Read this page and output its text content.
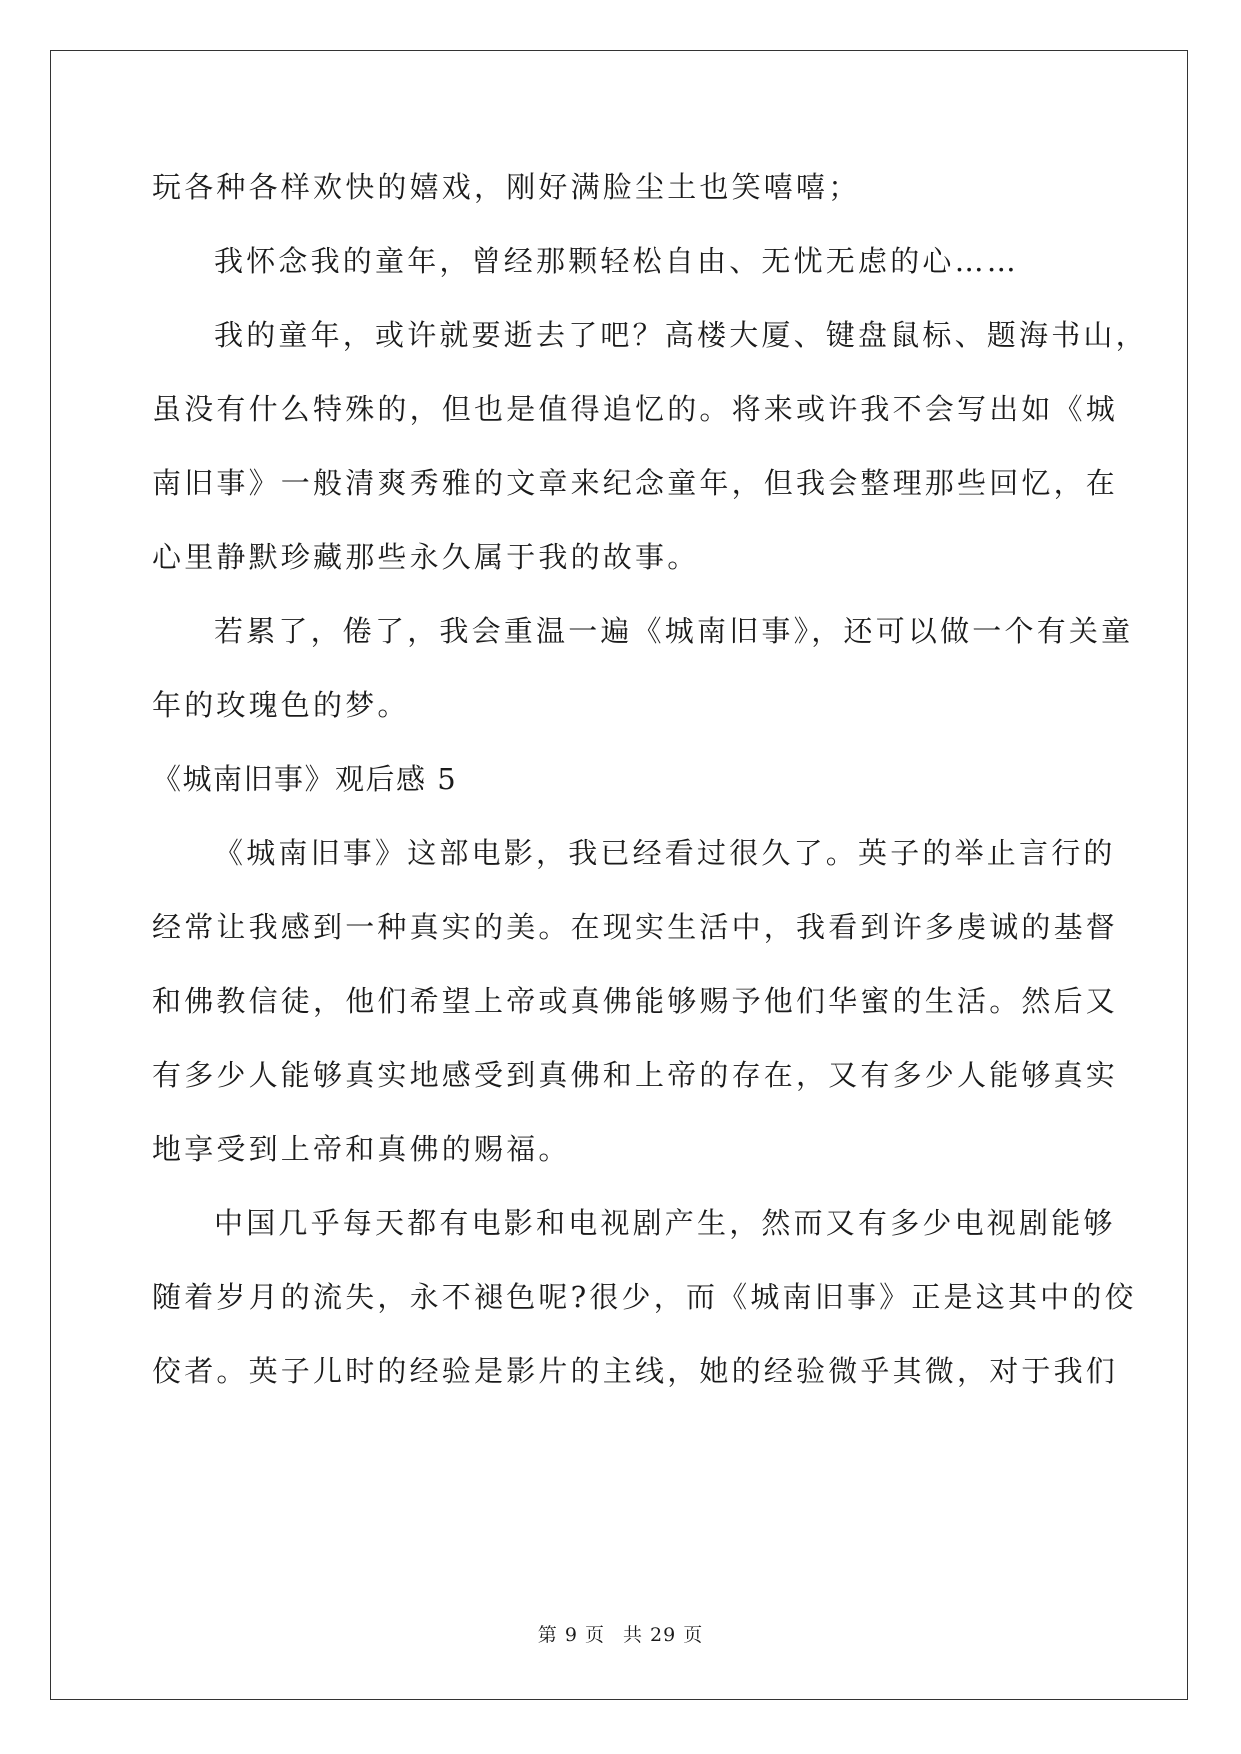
玩各种各样欢快的嬉戏，刚好满脸尘土也笑嘻嘻；
我怀念我的童年，曾经那颗轻松自由、无忧无虑的心……
我的童年，或许就要逝去了吧？高楼大厦、键盘鼠标、题海书山，
虽没有什么特殊的，但也是值得追忆的。将来或许我不会写出如《城
南旧事》一般清爽秀雅的文章来纪念童年，但我会整理那些回忆，在
心里静默珍藏那些永久属于我的故事。
若累了，倦了，我会重温一遍《城南旧事》，还可以做一个有关童
年的玫瑰色的梦。
《城南旧事》观后感 5
《城南旧事》这部电影，我已经看过很久了。英子的举止言行的
经常让我感到一种真实的美。在现实生活中，我看到许多虔诚的基督
和佛教信徒，他们希望上帝或真佛能够赐予他们华蜜的生活。然后又
有多少人能够真实地感受到真佛和上帝的存在，又有多少人能够真实
地享受到上帝和真佛的赐福。
中国几乎每天都有电影和电视剧产生，然而又有多少电视剧能够
随着岁月的流失，永不褪色呢?很少，而《城南旧事》正是这其中的佼
佼者。英子儿时的经验是影片的主线，她的经验微乎其微，对于我们
第 9 页 共 29 页
